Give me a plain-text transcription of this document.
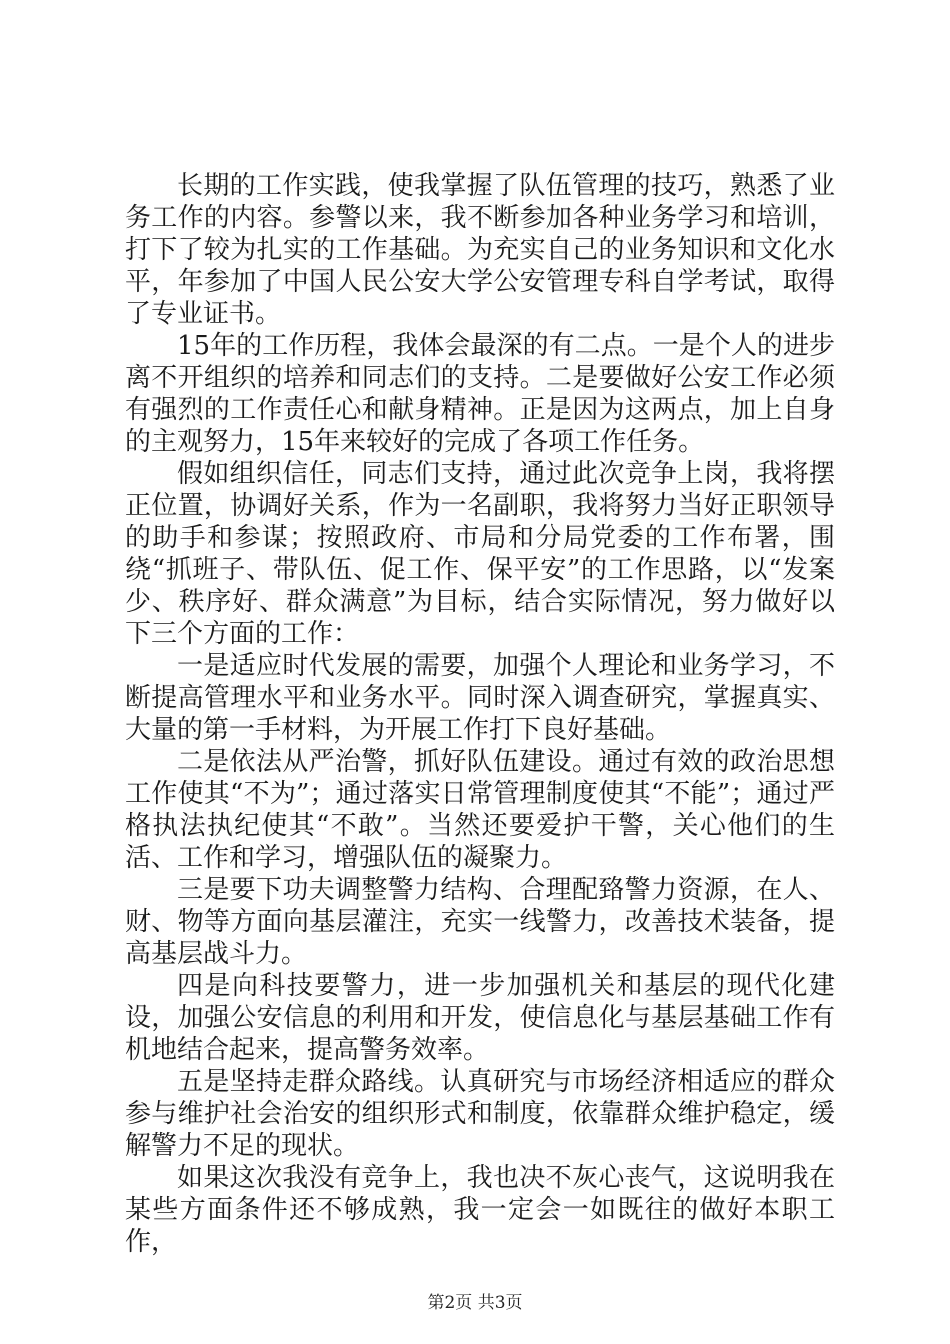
长期的工作实践，使我掌握了队伍管理的技巧，熟悉了业务工作的内容。参警以来，我不断参加各种业务学习和培训，打下了较为扎实的工作基础。为充实自己的业务知识和文化水平，年参加了中国人民公安大学公安管理专科自学考试，取得了专业证书。

15年的工作历程，我体会最深的有二点。一是个人的进步离不开组织的培养和同志们的支持。二是要做好公安工作必须有强烈的工作责任心和献身精神。正是因为这两点，加上自身的主观努力，15年来较好的完成了各项工作任务。

假如组织信任，同志们支持，通过此次竞争上岗，我将摆正位置，协调好关系，作为一名副职，我将努力当好正职领导的助手和参谋；按照政府、市局和分局党委的工作布署，围绕“抓班子、带队伍、促工作、保平安”的工作思路，以“发案少、秩序好、群众满意”为目标，结合实际情况，努力做好以下三个方面的工作：

一是适应时代发展的需要，加强个人理论和业务学习，不断提高管理水平和业务水平。同时深入调查研究，掌握真实、大量的第一手材料，为开展工作打下良好基础。

二是依法从严治警，抓好队伍建设。通过有效的政治思想工作使其“不为”；通过落实日常管理制度使其“不能”；通过严格执法执纪使其“不敢”。当然还要爱护干警，关心他们的生活、工作和学习，增强队伍的凝聚力。

三是要下功夫调整警力结构、合理配臵警力资源，在人、财、物等方面向基层灌注，充实一线警力，改善技术装备，提高基层战斗力。

四是向科技要警力，进一步加强机关和基层的现代化建设，加强公安信息的利用和开发，使信息化与基层基础工作有机地结合起来，提高警务效率。

五是坚持走群众路线。认真研究与市场经济相适应的群众参与维护社会治安的组织形式和制度，依靠群众维护稳定，缓解警力不足的现状。

如果这次我没有竞争上，我也决不灰心丧气，这说明我在某些方面条件还不够成熟，我一定会一如既往的做好本职工作，

第2页 共3页
